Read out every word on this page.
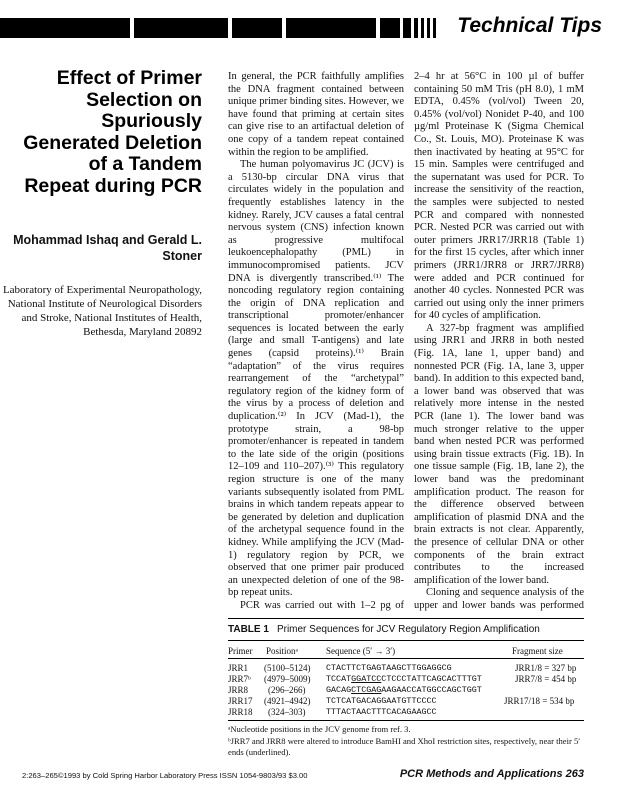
Technical Tips
Effect of Primer Selection on Spuriously Generated Deletion of a Tandem Repeat during PCR
Mohammad Ishaq and Gerald L. Stoner
Laboratory of Experimental Neuropathology, National Institute of Neurological Disorders and Stroke, National Institutes of Health, Bethesda, Maryland 20892

In general, the PCR faithfully amplifies the DNA fragment contained between unique primer binding sites. However, we have found that priming at certain sites can give rise to an artifactual deletion of one copy of a tandem repeat contained within the region to be amplified.

The human polyomavirus JC (JCV) is a 5130-bp circular DNA virus that circulates widely in the population and frequently establishes latency in the kidney. Rarely, JCV causes a fatal central nervous system (CNS) infection known as progressive multifocal leukoencephalopathy (PML) in immunocompromised patients. JCV DNA is divergently transcribed.⁽¹⁾ The noncoding regulatory region containing the origin of DNA replication and transcriptional promoter/enhancer sequences is located between the early (large and small T-antigens) and late genes (capsid proteins).⁽¹⁾ Brain “adaptation” of the virus requires rearrangement of the “archetypal” regulatory region of the kidney form of the virus by a process of deletion and duplication.⁽²⁾ In JCV (Mad-1), the prototype strain, a 98-bp promoter/enhancer is repeated in tandem to the late side of the origin (positions 12–109 and 110–207).⁽³⁾ This regulatory region structure is one of the many variants subsequently isolated from PML brains in which tandem repeats appear to be generated by deletion and duplication of the archetypal sequence found in the kidney. While amplifying the JCV (Mad-1) regulatory region by PCR, we observed that one primer pair produced an unexpected deletion of one of the 98-bp repeat units.

PCR was carried out with 1–2 pg of

2–4 hr at 56°C in 100 µl of buffer containing 50 mM Tris (pH 8.0), 1 mM EDTA, 0.45% (vol/vol) Tween 20, 0.45% (vol/vol) Nonidet P-40, and 100 µg/ml Proteinase K (Sigma Chemical Co., St. Louis, MO). Proteinase K was then inactivated by heating at 95°C for 15 min. Samples were centrifuged and the supernatant was used for PCR. To increase the sensitivity of the reaction, the samples were subjected to nested PCR and compared with nonnested PCR. Nested PCR was carried out with outer primers JRR17/JRR18 (Table 1) for the first 15 cycles, after which inner primers (JRR1/JRR8 or JRR7/JRR8) were added and PCR continued for another 40 cycles. Nonnested PCR was carried out using only the inner primers for 40 cycles of amplification.

A 327-bp fragment was amplified using JRR1 and JRR8 in both nested (Fig. 1A, lane 1, upper band) and nonnested PCR (Fig. 1A, lane 3, upper band). In addition to this expected band, a lower band was observed that was relatively more intense in the nested PCR (lane 1). The lower band was much stronger relative to the upper band when nested PCR was performed using brain tissue extracts (Fig. 1B). In one tissue sample (Fig. 1B, lane 2), the lower band was the predominant amplification product. The reason for the difference observed between amplification of plasmid DNA and the brain extracts is not clear. Apparently, the presence of cellular DNA or other components of the brain extract contributes to the increased amplification of the lower band.

Cloning and sequence analysis of the upper and lower bands was performed

TABLE 1 Primer Sequences for JCV Regulatory Region Amplification
Primer Positionᵃ	Sequence (5′ → 3′)	Fragment size
JRR1 (5100–5124) CTACTTCTGAGTAAGCTTGGAGGCG	JRR1/8 = 327 bp
JRR7ᵇ (4979–5009) TCCATGGATCCCTCCCTATTCAGCACTTTGT	JRR7/8 = 454 bp
JRR8 (296–266) GACAGCTCGAGAAGAACCATGGCCAGCTGGT
JRR17 (4921–4942) TCTCATGACAGGAATGTTCCCC	JRR17/18 = 534 bp
JRR18 (324–303) TTTACTAACTTTCACAGAAGCC
ᵃNucleotide positions in the JCV genome from ref. 3.
ᵇJRR7 and JRR8 were altered to introduce BamHI and XhoI restriction sites, respectively, near their 5′ ends (underlined).
2:263–265©1993 by Cold Spring Harbor Laboratory Press ISSN 1054-9803/93 $3.00	PCR Methods and Applications 263
